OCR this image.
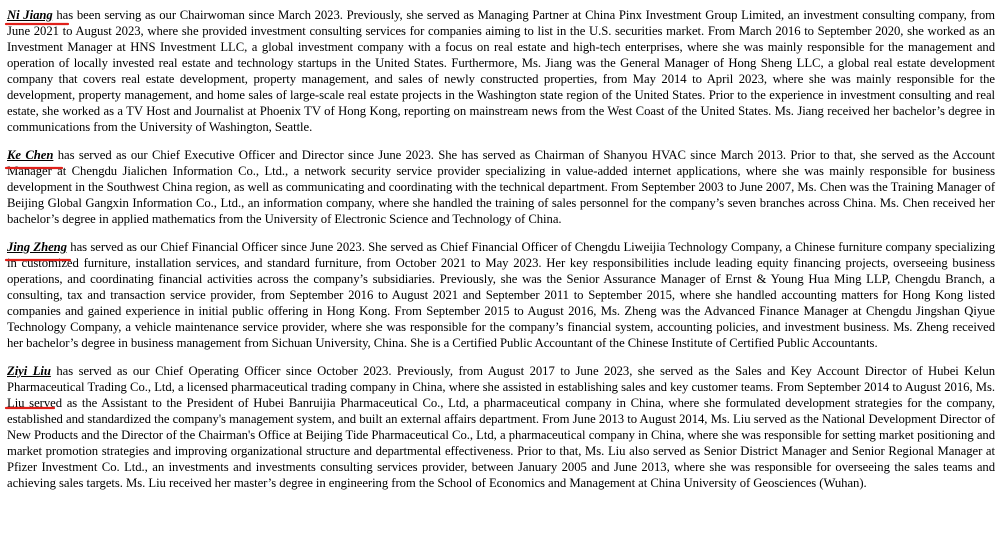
Ni Jiang has been serving as our Chairwoman since March 2023. Previously, she served as Managing Partner at China Pinx Investment Group Limited, an investment consulting company, from June 2021 to August 2023, where she provided investment consulting services for companies aiming to list in the U.S. securities market. From March 2016 to September 2020, she worked as an Investment Manager at HNS Investment LLC, a global investment company with a focus on real estate and high-tech enterprises, where she was mainly responsible for the management and operation of locally invested real estate and technology startups in the United States. Furthermore, Ms. Jiang was the General Manager of Hong Sheng LLC, a global real estate development company that covers real estate development, property management, and sales of newly constructed properties, from May 2014 to April 2023, where she was mainly responsible for the development, property management, and home sales of large-scale real estate projects in the Washington state region of the United States. Prior to the experience in investment consulting and real estate, she worked as a TV Host and Journalist at Phoenix TV of Hong Kong, reporting on mainstream news from the West Coast of the United States. Ms. Jiang received her bachelor’s degree in communications from the University of Washington, Seattle.

Ke Chen has served as our Chief Executive Officer and Director since June 2023. She has served as Chairman of Shanyou HVAC since March 2013. Prior to that, she served as the Account Manager at Chengdu Jialichen Information Co., Ltd., a network security service provider specializing in value-added internet applications, where she was mainly responsible for business development in the Southwest China region, as well as communicating and coordinating with the technical department. From September 2003 to June 2007, Ms. Chen was the Training Manager of Beijing Global Gangxin Information Co., Ltd., an information company, where she handled the training of sales personnel for the company’s seven branches across China. Ms. Chen received her bachelor’s degree in applied mathematics from the University of Electronic Science and Technology of China.

Jing Zheng has served as our Chief Financial Officer since June 2023. She served as Chief Financial Officer of Chengdu Liweijia Technology Company, a Chinese furniture company specializing in customized furniture, installation services, and standard furniture, from October 2021 to May 2023. Her key responsibilities include leading equity financing projects, overseeing business operations, and coordinating financial activities across the company’s subsidiaries. Previously, she was the Senior Assurance Manager of Ernst & Young Hua Ming LLP, Chengdu Branch, a consulting, tax and transaction service provider, from September 2016 to August 2021 and September 2011 to September 2015, where she handled accounting matters for Hong Kong listed companies and gained experience in initial public offering in Hong Kong. From September 2015 to August 2016, Ms. Zheng was the Advanced Finance Manager at Chengdu Jingshan Qiyue Technology Company, a vehicle maintenance service provider, where she was responsible for the company’s financial system, accounting policies, and investment business. Ms. Zheng received her bachelor’s degree in business management from Sichuan University, China. She is a Certified Public Accountant of the Chinese Institute of Certified Public Accountants.

Ziyi Liu has served as our Chief Operating Officer since October 2023. Previously, from August 2017 to June 2023, she served as the Sales and Key Account Director of Hubei Kelun Pharmaceutical Trading Co., Ltd, a licensed pharmaceutical trading company in China, where she assisted in establishing sales and key customer teams. From September 2014 to August 2016, Ms. Liu served as the Assistant to the President of Hubei Banruijia Pharmaceutical Co., Ltd, a pharmaceutical company in China, where she formulated development strategies for the company, established and standardized the company's management system, and built an external affairs department. From June 2013 to August 2014, Ms. Liu served as the National Development Director of New Products and the Director of the Chairman's Office at Beijing Tide Pharmaceutical Co., Ltd, a pharmaceutical company in China, where she was responsible for setting market positioning and market promotion strategies and improving organizational structure and departmental effectiveness. Prior to that, Ms. Liu also served as Senior District Manager and Senior Regional Manager at Pfizer Investment Co. Ltd., an investments and investments consulting services provider, between January 2005 and June 2013, where she was responsible for overseeing the sales teams and achieving sales targets. Ms. Liu received her master’s degree in engineering from the School of Economics and Management at China University of Geosciences (Wuhan).
